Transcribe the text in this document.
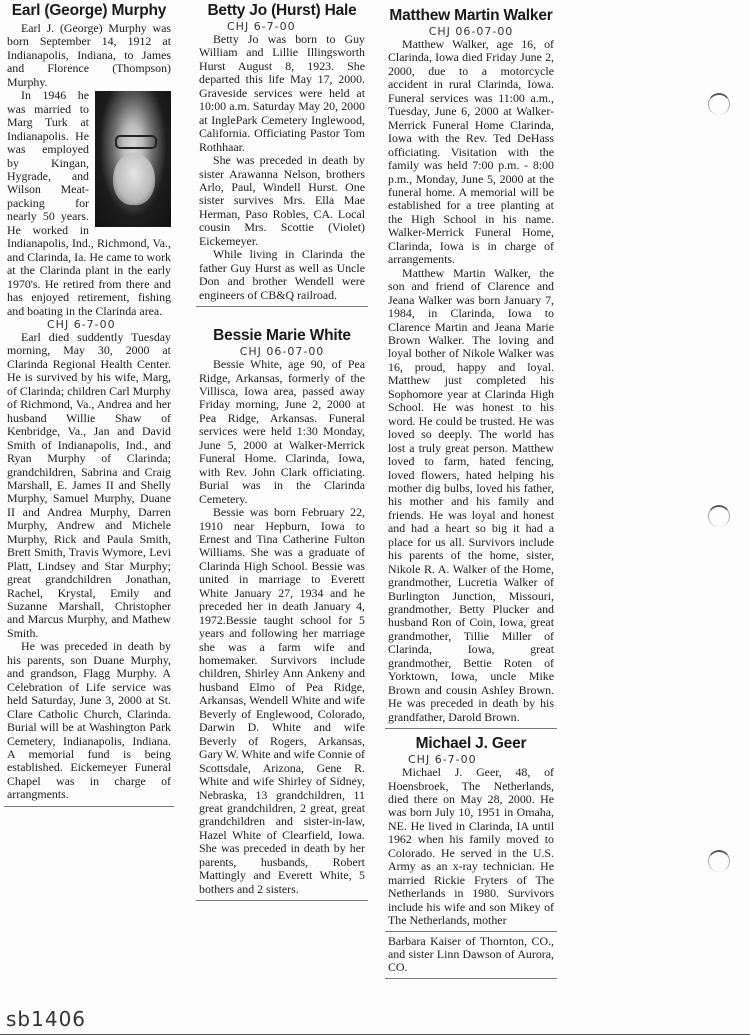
Earl (George) Murphy

Earl J. (George) Murphy was born September 14, 1912 at Indianapolis, Indiana, to James and Florence (Thompson) Murphy.

In 1946 he was married to Marg Turk at Indianapolis. He was employed by Kingan, Hygrade, and Wilson Meat-packing for nearly 50 years. He worked in Indianapolis, Ind., Richmond, Va., and Clarinda, Ia. He came to work at the Clarinda plant in the early 1970's. He retired from there and has enjoyed retirement, fishing and boating in the Clarinda area.

CHJ 6-7-00

Earl died suddently Tuesday morning, May 30, 2000 at Clarinda Regional Health Center. He is survived by his wife, Marg, of Clarinda; children Carl Murphy of Richmond, Va., Andrea and her husband Willie Shaw of Kenbridge, Va., Jan and David Smith of Indianapolis, Ind., and Ryan Murphy of Clarinda; grandchildren, Sabrina and Craig Marshall, E. James II and Shelly Murphy, Samuel Murphy, Duane II and Andrea Murphy, Darren Murphy, Andrew and Michele Murphy, Rick and Paula Smith, Brett Smith, Travis Wymore, Levi Platt, Lindsey and Star Murphy; great grandchildren Jonathan, Rachel, Krystal, Emily and Suzanne Marshall, Christopher and Marcus Murphy, and Mathew Smith.

He was preceded in death by his parents, son Duane Murphy, and grandson, Flagg Murphy. A Celebration of Life service was held Saturday, June 3, 2000 at St. Clare Catholic Church, Clarinda. Burial will be at Washington Park Cemetery, Indianapolis, Indiana. A memorial fund is being established. Eickemeyer Funeral Chapel was in charge of arrangments.

Betty Jo (Hurst) Hale
CHJ 6-7-00

Betty Jo was born to Guy William and Lillie Illingsworth Hurst August 8, 1923. She departed this life May 17, 2000. Graveside services were held at 10:00 a.m. Saturday May 20, 2000 at InglePark Cemetery Inglewood, California. Officiating Pastor Tom Rothhaar.

She was preceded in death by sister Arawanna Nelson, brothers Arlo, Paul, Windell Hurst. One sister survives Mrs. Ella Mae Herman, Paso Robles, CA. Local cousin Mrs. Scottie (Violet) Eickemeyer.

While living in Clarinda the father Guy Hurst as well as Uncle Don and brother Wendell were engineers of CB&Q railroad.

Bessie Marie White
CHJ 06-07-00

Bessie White, age 90, of Pea Ridge, Arkansas, formerly of the Villisca, Iowa area, passed away Friday morning, June 2, 2000 at Pea Ridge, Arkansas. Funeral services were held 1:30 Monday, June 5, 2000 at Walker-Merrick Funeral Home. Clarinda, Iowa, with Rev. John Clark officiating. Burial was in the Clarinda Cemetery.

Bessie was born February 22, 1910 near Hepburn, Iowa to Ernest and Tina Catherine Fulton Williams. She was a graduate of Clarinda High School. Bessie was united in marriage to Everett White January 27, 1934 and he preceded her in death January 4, 1972.Bessie taught school for 5 years and following her marriage she was a farm wife and homemaker. Survivors include children, Shirley Ann Ankeny and husband Elmo of Pea Ridge, Arkansas, Wendell White and wife Beverly of Englewood, Colorado, Darwin D. White and wife Beverly of Rogers, Arkansas, Gary W. White and wife Connie of Scottsdale, Arizona, Gene R. White and wife Shirley of Sidney, Nebraska, 13 grandchildren, 11 great grandchildren, 2 great, great grandchildren and sister-in-law, Hazel White of Clearfield, Iowa. She was preceded in death by her parents, husbands, Robert Mattingly and Everett White, 5 bothers and 2 sisters.

Matthew Martin Walker
CHJ 06-07-00

Matthew Walker, age 16, of Clarinda, Iowa died Friday June 2, 2000, due to a motorcycle accident in rural Clarinda, Iowa. Funeral services was 11:00 a.m., Tuesday, June 6, 2000 at Walker-Merrick Funeral Home Clarinda, Iowa with the Rev. Ted DeHass officiating. Visitation with the family was held 7:00 p.m. - 8:00 p.m., Monday, June 5, 2000 at the funeral home. A memorial will be established for a tree planting at the High School in his name. Walker-Merrick Funeral Home, Clarinda, Iowa is in charge of arrangements.

Matthew Martin Walker, the son and friend of Clarence and Jeana Walker was born January 7, 1984, in Clarinda, Iowa to Clarence Martin and Jeana Marie Brown Walker. The loving and loyal bother of Nikole Walker was 16, proud, happy and loyal. Matthew just completed his Sophomore year at Clarinda High School. He was honest to his word. He could be trusted. He was loved so deeply. The world has lost a truly great person. Matthew loved to farm, hated fencing, loved flowers, hated helping his mother dig bulbs, loved his father, his mother and his family and friends. He was loyal and honest and had a heart so big it had a place for us all. Survivors include his parents of the home, sister, Nikole R. A. Walker of the Home, grandmother, Lucretia Walker of Burlington Junction, Missouri, grandmother, Betty Plucker and husband Ron of Coin, Iowa, great grandmother, Tillie Miller of Clarinda, Iowa, great grandmother, Bettie Roten of Yorktown, Iowa, uncle Mike Brown and cousin Ashley Brown. He was preceded in death by his grandfather, Darold Brown.

Michael J. Geer
CHJ 6-7-00

Michael J. Geer, 48, of Hoensbroek, The Netherlands, died there on May 28, 2000. He was born July 10, 1951 in Omaha, NE. He lived in Clarinda, IA until 1962 when his family moved to Colorado. He served in the U.S. Army as an x-ray technician. He married Rickie Fryters of The Netherlands in 1980. Survivors include his wife and son Mikey of The Netherlands, mother

Barbara Kaiser of Thornton, CO., and sister Linn Dawson of Aurora, CO.

sb1406
